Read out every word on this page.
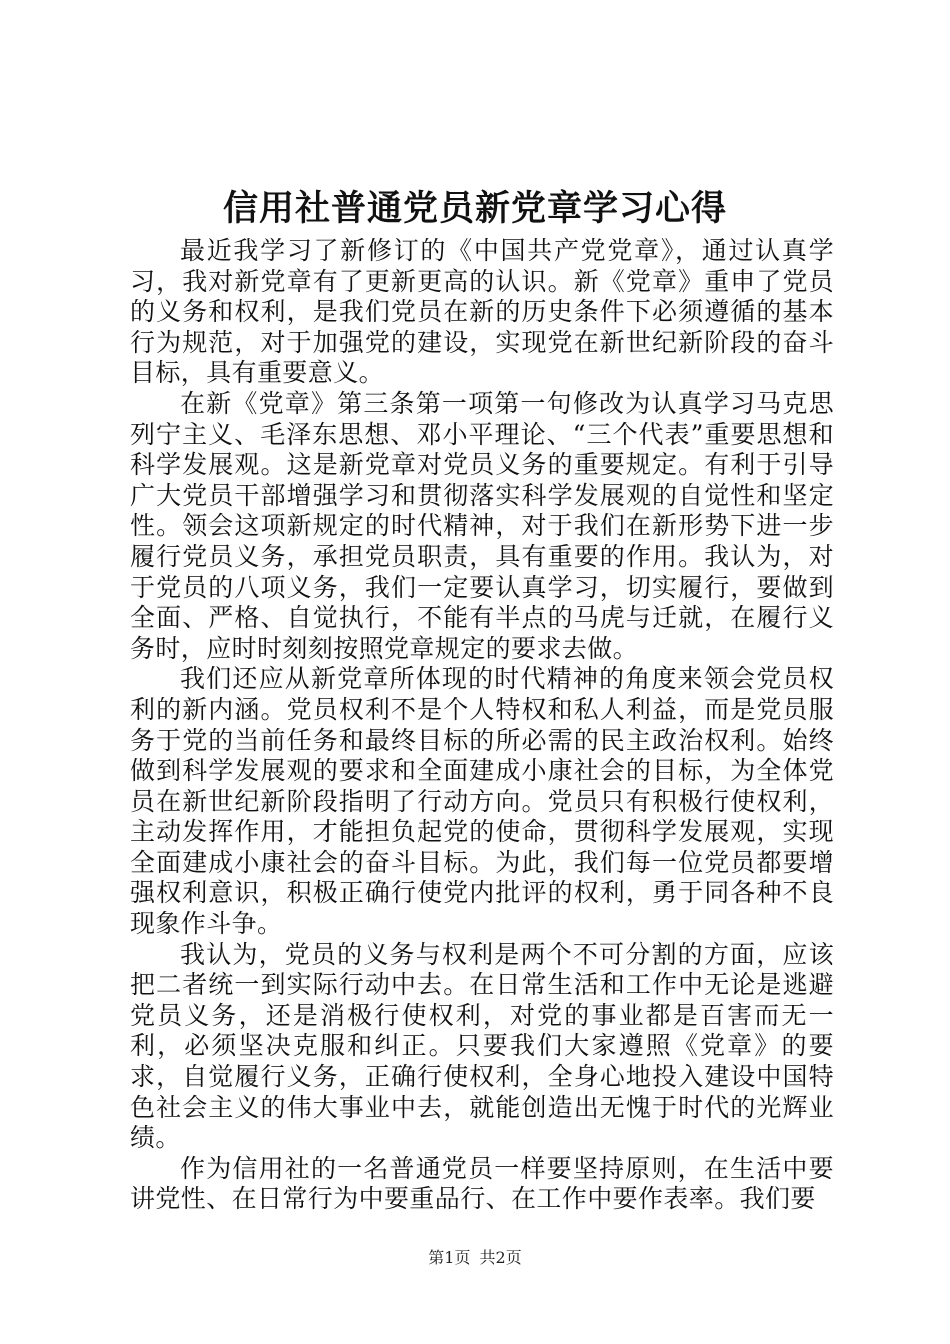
信用社普通党员新党章学习心得

最近我学习了新修订的《中国共产党党章》，通过认真学习，我对新党章有了更新更高的认识。新《党章》重申了党员的义务和权利，是我们党员在新的历史条件下必须遵循的基本行为规范，对于加强党的建设，实现党在新世纪新阶段的奋斗目标，具有重要意义。

在新《党章》第三条第一项第一句修改为认真学习马克思列宁主义、毛泽东思想、邓小平理论、“三个代表”重要思想和科学发展观。这是新党章对党员义务的重要规定。有利于引导广大党员干部增强学习和贯彻落实科学发展观的自觉性和坚定性。领会这项新规定的时代精神，对于我们在新形势下进一步履行党员义务，承担党员职责，具有重要的作用。我认为，对于党员的八项义务，我们一定要认真学习，切实履行，要做到全面、严格、自觉执行，不能有半点的马虎与迁就，在履行义务时，应时时刻刻按照党章规定的要求去做。

我们还应从新党章所体现的时代精神的角度来领会党员权利的新内涵。党员权利不是个人特权和私人利益，而是党员服务于党的当前任务和最终目标的所必需的民主政治权利。始终做到科学发展观的要求和全面建成小康社会的目标，为全体党员在新世纪新阶段指明了行动方向。党员只有积极行使权利，主动发挥作用，才能担负起党的使命，贯彻科学发展观，实现全面建成小康社会的奋斗目标。为此，我们每一位党员都要增强权利意识，积极正确行使党内批评的权利，勇于同各种不良现象作斗争。

我认为，党员的义务与权利是两个不可分割的方面，应该把二者统一到实际行动中去。在日常生活和工作中无论是逃避党员义务，还是消极行使权利，对党的事业都是百害而无一利，必须坚决克服和纠正。只要我们大家遵照《党章》的要求，自觉履行义务，正确行使权利，全身心地投入建设中国特色社会主义的伟大事业中去，就能创造出无愧于时代的光辉业绩。

作为信用社的一名普通党员一样要坚持原则，在生活中要讲党性、在日常行为中要重品行、在工作中要作表率。我们要

第1页 共2页
